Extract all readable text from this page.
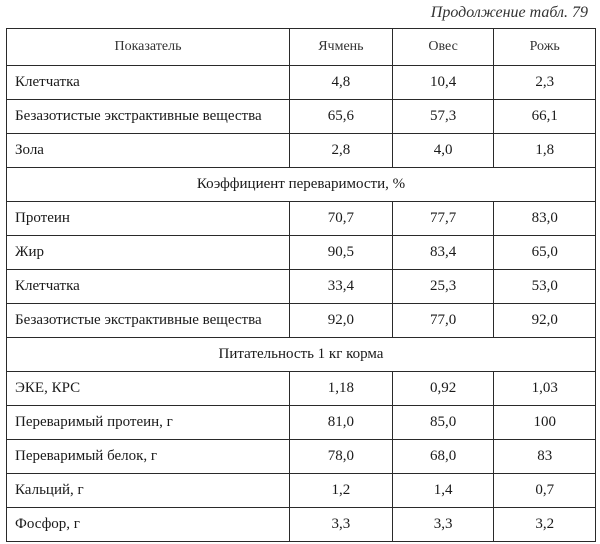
Продолжение табл. 79
Показатель	Ячмень	Овес	Рожь
Клетчатка	4,8	10,4	2,3
Безазотистые экстрактивные вещества	65,6	57,3	66,1
Зола	2,8	4,0	1,8
Коэффициент переваримости, %			
Протеин	70,7	77,7	83,0
Жир	90,5	83,4	65,0
Клетчатка	33,4	25,3	53,0
Безазотистые экстрактивные вещества	92,0	77,0	92,0
Питательность 1 кг корма			
ЭКЕ, КРС	1,18	0,92	1,03
Переваримый протеин, г	81,0	85,0	100
Переваримый белок, г	78,0	68,0	83
Кальций, г	1,2	1,4	0,7
Фосфор, г	3,3	3,3	3,2
